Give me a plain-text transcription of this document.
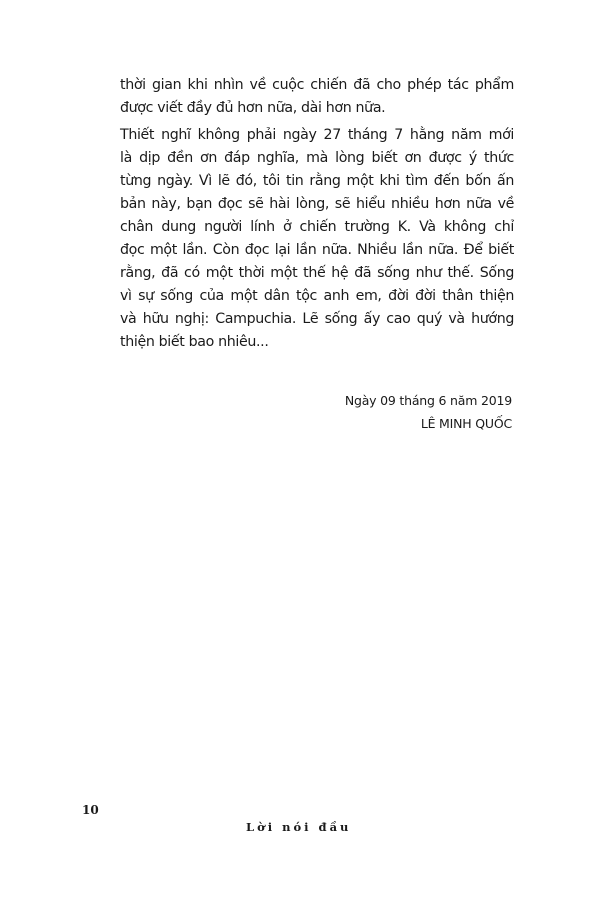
thời gian khi nhìn về cuộc chiến đã cho phép tác phẩm
được viết đầy đủ hơn nữa, dài hơn nữa.
Thiết nghĩ không phải ngày 27 tháng 7 hằng năm mới
là dịp đền ơn đáp nghĩa, mà lòng biết ơn được ý thức
từng ngày. Vì lẽ đó, tôi tin rằng một khi tìm đến bốn ấn
bản này, bạn đọc sẽ hài lòng, sẽ hiểu nhiều hơn nữa về
chân dung người lính ở chiến trường K. Và không chỉ
đọc một lần. Còn đọc lại lần nữa. Nhiều lần nữa. Để biết
rằng, đã có một thời một thế hệ đã sống như thế. Sống
vì sự sống của một dân tộc anh em, đời đời thân thiện
và hữu nghị: Campuchia. Lẽ sống ấy cao quý và hướng
thiện biết bao nhiêu...
Ngày 09 tháng 6 năm 2019
LÊ MINH QUỐC
10
Lời nói đầu
